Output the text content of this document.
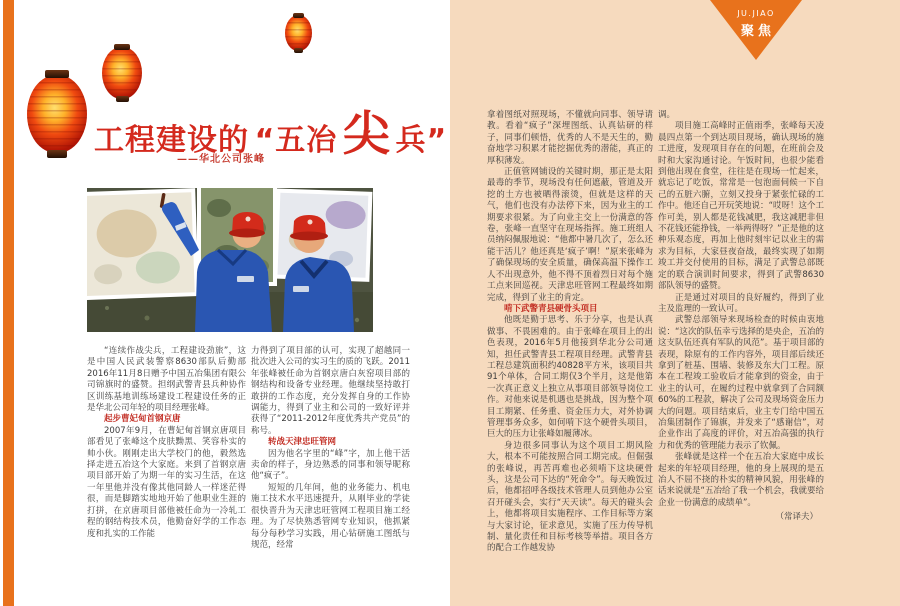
工程建设的 “五冶 尖 兵”
——华北公司张峰

“连续作战尖兵，工程建设劲旅”，这是中国人民武装警察8630部队后勤部2016年11月8日赠予中国五冶集团有限公司锦旗时的盛赞。担纲武警青县兵种协作区训练基地训练场建设工程建设任务的正是华北公司年轻的项目经理张峰。

起步曹妃甸首钢京唐

2007年9月，在曹妃甸首钢京唐项目部看见了张峰这个皮肤黝黑、笑容朴实的帅小伙。刚刚走出大学校门的他，毅然选择走进五冶这个大家庭。来到了首钢京唐项目部开始了为期一年的实习生活，在这一年里他并没有像其他同龄人一样迷茫得很，而是脚踏实地地开始了他职业生涯的打拼，在京唐项目部他被任命为一冷轧工程的钢结构技术员，他勤奋好学的工作态度和扎实的工作能

力得到了项目部的认可，实现了超越同一批次进入公司的实习生的质的飞跃。2011年张峰被任命为首钢京唐白灰窑项目部的钢结构和设备专业经理。他继续坚持敢打敢拼的工作态度，充分发挥自身的工作协调能力，得到了业主和公司的一致好评并获得了“2011-2012年度优秀共产党员”的称号。

转战天津忠旺管网

因为他名字里的“峰”字，加上他干活卖命的样子，身边熟悉的同事和领导昵称他“疯子”。

短短的几年间，他的业务能力、机电施工技术水平迅速提升，从刚毕业的学徒很快晋升为天津忠旺管网工程项目施工经理。为了尽快熟悉管网专业知识，他抓紧每分每秒学习实践，用心钻研施工图纸与规范，经常

JU.JIAO
聚焦

拿着图纸对照现场，不懂就向同事、领导请教。看着“疯子”深埋图纸、认真钻研的样子，同事们顿悟，优秀的人不是天生的，勤奋地学习积累才能挖掘优秀的潜能，真正的厚积薄发。

正值管网铺设的关键时期，那正是太阳最毒的季节，现场没有任何遮蔽，管道及开挖的土方也被晒得滚烫，但就是这样的天气，他们也没有办法停下来，因为业主的工期要求很紧。为了向业主交上一份满意的答卷，张峰一直坚守在现场指挥。施工班组人员纳闷佩服地说：“他都中暑几次了，怎么还能干活儿？他还真是‘疯子’啊！”原来张峰为了确保现场的安全质量，确保高温下操作工人不出现意外，他不得不顶着烈日对每个施工点来回巡视。天津忠旺管网工程最终如期完成，得到了业主的肯定。

啃下武警青县硬骨头项目

他既是勤于思考、乐于分享，也是认真做事、不畏困难的。由于张峰在项目上的出色表现，2016年5月他接到华北分公司通知，担任武警青县工程项目经理。武警青县工程总建筑面积约40828平方米，该项目共91个单体，合同工期仅3个半月，这是他第一次真正意义上独立从事项目部领导岗位工作。对他来说是机遇也是挑战，因为整个项目工期紧、任务重、资金压力大，对外协调管理事务众多，如何啃下这个硬骨头项目，巨大的压力让张峰如履薄冰。

身边很多同事认为这个项目工期风险大，根本不可能按照合同工期完成。但倔强的张峰说，再苦再难也必须啃下这块硬骨头，这是公司下达的“死命令”。每天晚饭过后，他都招呼各级技术管理人员到他办公室召开碰头会，实行“天天读”。每天的碰头会上，他都将项目实施程序、工作目标等方案与大家讨论，征求意见，实施了压力传导机制、量化责任和目标考核等举措。项目各方的配合工作越发协

调。

项目施工高峰时正值雨季，张峰每天凌晨四点第一个到达项目现场，确认现场的施工进度，发现项目存在的问题，在班前会及时和大家沟通讨论。午饭时间，也很少能看到他出现在食堂，往往是在现场一忙起来，就忘记了吃饭，常常是一包泡面伺候一下自己的五脏六腑，立刻又投身于紧张忙碌的工作中。他还自己开玩笑地说：“哎呀！这个工作可美，别人都是花钱减肥，我这减肥非但不花钱还能挣钱，一举两得呀？”正是他的这种乐观态度，再加上他时刻牢记以业主的需求为目标，大家昼夜奋战，最终实现了如期竣工并交付使用的目标，满足了武警总部既定的联合演训时间要求，得到了武警8630部队领导的盛赞。

正是通过对项目的良好履约，得到了业主及监理的一致认可。

武警总部领导来现场检查的时候由衷地说：“这次的队伍幸亏选择的是央企，五冶的这支队伍还真有军队的风范”。基于项目部的表现，除原有的工作内容外，项目部后续还拿到了桩基、围墙、装修及东大门工程。原本在工程竣工验收后才能拿到的资金，由于业主的认可，在履约过程中就拿到了合同额60%的工程款，解决了公司及现场资金压力大的问题。项目结束后，业主专门给中国五冶集团制作了锦旗，并发来了“感谢信”，对企业作出了高度的评价，对五冶高强的执行力和优秀的管理能力表示了钦佩。

张峰就是这样一个在五冶大家庭中成长起来的年轻项目经理，他的身上展现的是五冶人不屈不挠的朴实的精神风貌，用张峰的话来说就是“五冶给了我一个机会，我就要给企业一份满意的成绩单”。

（常译夫）
